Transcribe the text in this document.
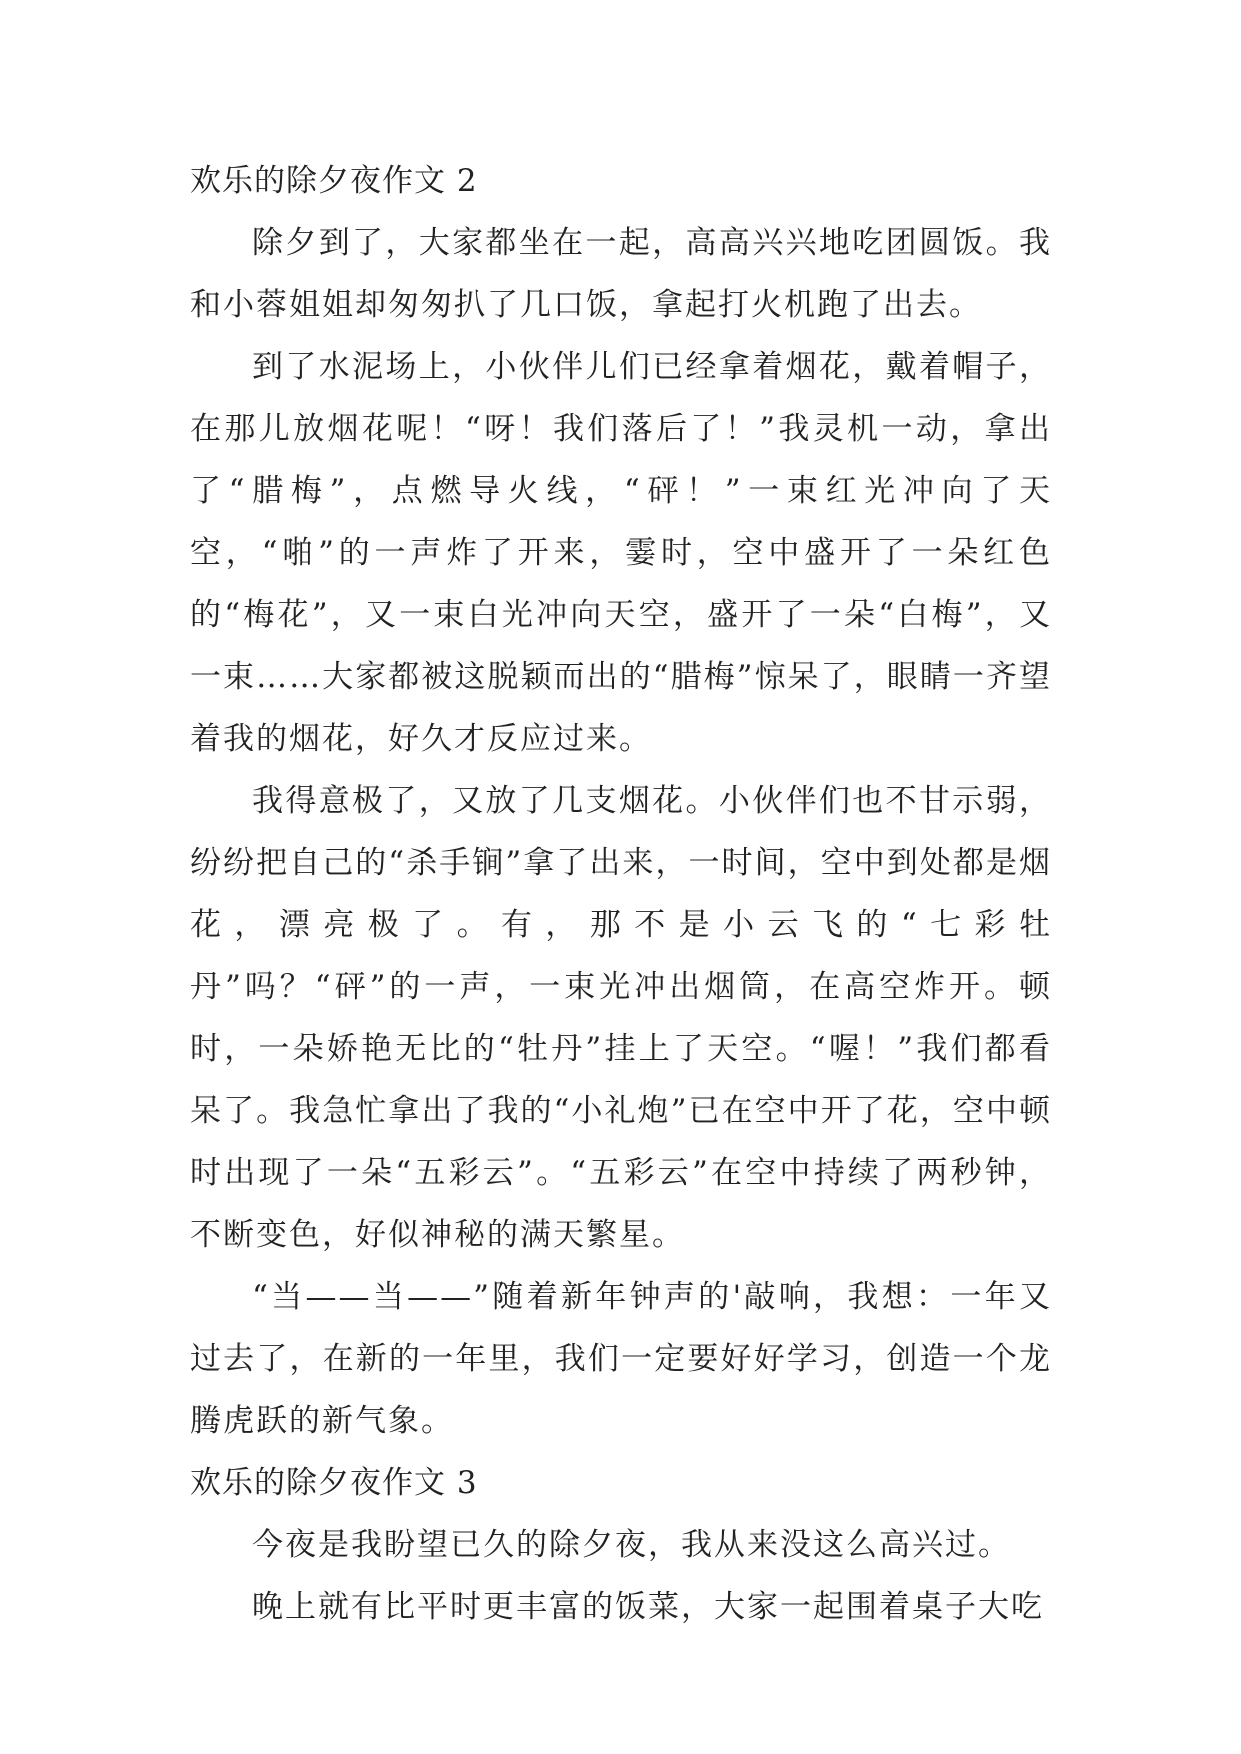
欢乐的除夕夜作文 2

除夕到了，大家都坐在一起，高高兴兴地吃团圆饭。我和小蓉姐姐却匆匆扒了几口饭，拿起打火机跑了出去。

到了水泥场上，小伙伴儿们已经拿着烟花，戴着帽子，在那儿放烟花呢！“呀！我们落后了！”我灵机一动，拿出了“腊梅”，点燃导火线，“砰！”一束红光冲向了天空，“啪”的一声炸了开来，霎时，空中盛开了一朵红色的“梅花”，又一束白光冲向天空，盛开了一朵“白梅”，又一束……大家都被这脱颖而出的“腊梅”惊呆了，眼睛一齐望着我的烟花，好久才反应过来。

我得意极了，又放了几支烟花。小伙伴们也不甘示弱，纷纷把自己的“杀手锏”拿了出来，一时间，空中到处都是烟花，漂亮极了。有，那不是小云飞的“七彩牡丹”吗？“砰”的一声，一束光冲出烟筒，在高空炸开。顿时，一朵娇艳无比的“牡丹”挂上了天空。“喔！”我们都看呆了。我急忙拿出了我的“小礼炮”已在空中开了花，空中顿时出现了一朵“五彩云”。“五彩云”在空中持续了两秒钟，不断变色，好似神秘的满天繁星。

“当——当——”随着新年钟声的'敲响，我想：一年又过去了，在新的一年里，我们一定要好好学习，创造一个龙腾虎跃的新气象。

欢乐的除夕夜作文 3

今夜是我盼望已久的除夕夜，我从来没这么高兴过。

晚上就有比平时更丰富的饭菜，大家一起围着桌子大吃
